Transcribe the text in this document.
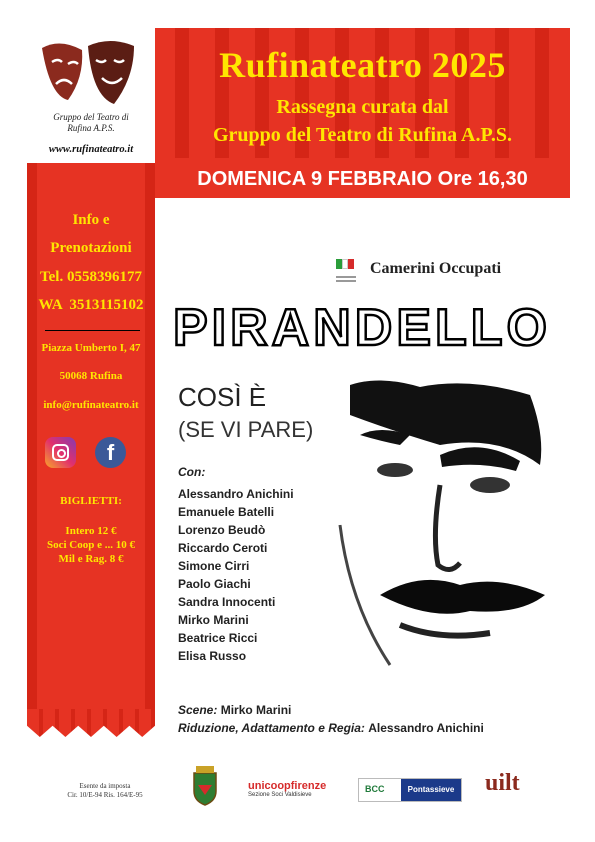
Rufinateatro 2025
Rassegna curata dal
Gruppo del Teatro di Rufina A.P.S.
DOMENICA 9 FEBBRAIO Ore 16,30
Gruppo del Teatro di
Rufina A.P.S.
www.rufinateatro.it
Info e
Prenotazioni
Tel. 0558396177
WA  3513115102
Piazza Umberto I, 47
50068 Rufina
info@rufinateatro.it
f
BIGLIETTI:
Intero 12 €
Soci Coop e ... 10 €
Mil e Rag. 8 €
Camerini Occupati
PIRANDELLO
COSÌ È
(SE VI PARE)
Con:
Alessandro Anichini
Emanuele Batelli
Lorenzo Beudò
Riccardo Ceroti
Simone Cirri
Paolo Giachi
Sandra Innocenti
Mirko Marini
Beatrice Ricci
Elisa Russo
Scene: Mirko Marini
Riduzione, Adattamento e Regia: Alessandro Anichini
Esente da imposta
Cir. 10/E-94 Ris. 164/E-95
unicoopfirenze
Sezione Soci Valdisieve
BCC	Pontassieve uilt
